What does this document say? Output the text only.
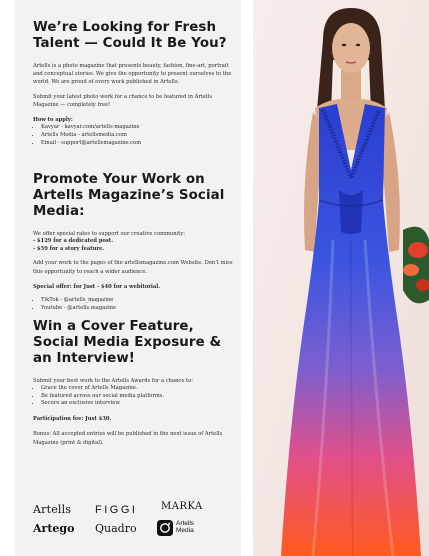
We’re Looking for Fresh Talent — Could It Be You?

Artells is a photo magazine that presents beauty, fashion, fine-art, portrait and conceptual stories. We give the opportunity to present ourselves to the world. We are proud of every work published in Artells.

Submit your latest photo work for a chance to be featured in Artells Magazine — completely free!

How to apply:

• Kavyar - kavyar.com/artells-magazine
• Artells Media - artellsmedia.com
• Email - support@artellsmagazine.com
Promote Your Work on Artells Magazine’s Social Media:

We offer special rates to support our creative community:

- $129 for a dedicated post.
- $59 for a story feature.

Add your work to the pages of the artellsmagazine.com Website. Don’t miss this opportunity to reach a wider audience.

Special offer: for Just - $40 for a webitorial.

• TikTok - @artells_magazine
• Youtube - @artells.magazine
Win a Cover Feature, Social Media Exposure & an Interview!

Submit your best work to the Artells Awards for a chance to:

• Grace the cover of Artells Magazine.
• Be featured across our social media platforms.
• Secure an exclusive interview.

Participation fee: Just $30.

Bonus: All accepted entries will be published in the next issue of Artells Magazine (print & digital).

Artells FIGGI MARKA
Artego Quadro	Artells
Media
